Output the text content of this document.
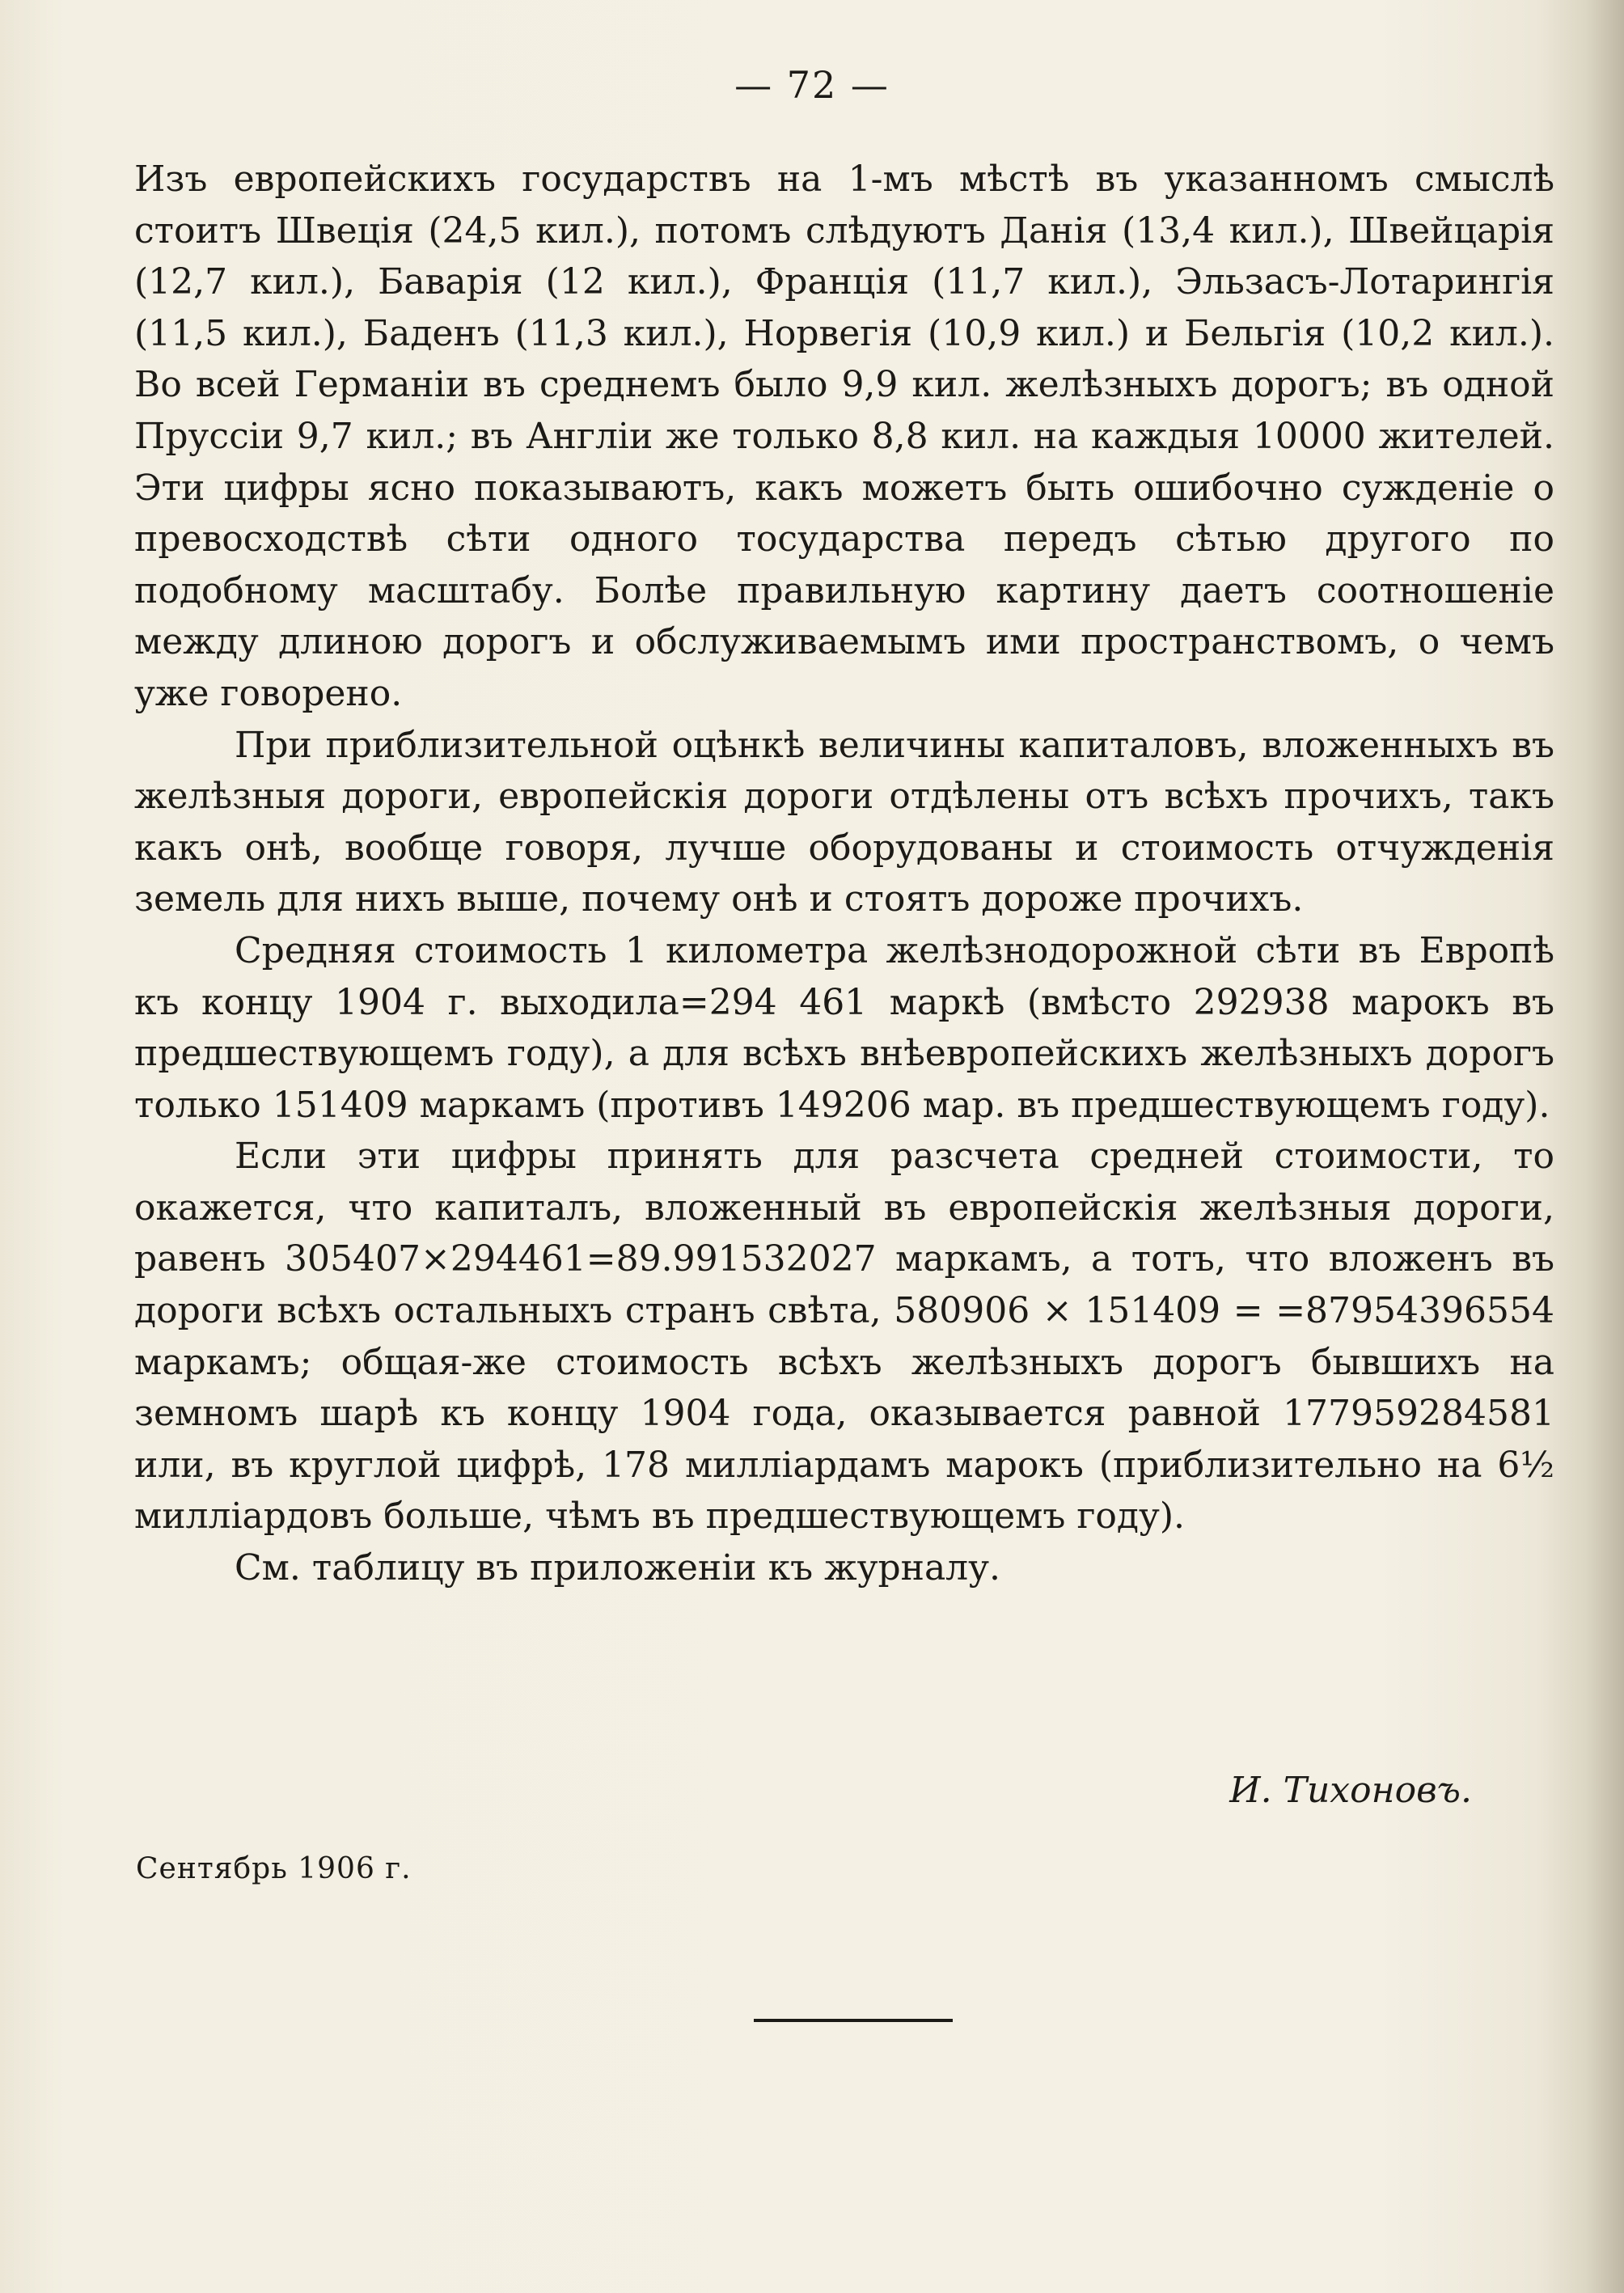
— 72 —

Изъ европейскихъ государствъ на 1-мъ мѣстѣ въ указанномъ смыслѣ стоитъ Швецiя (24,5 кил.), потомъ слѣдуютъ Данiя (13,4 кил.), Швейцарiя (12,7 кил.), Баварiя (12 кил.), Францiя (11,7 кил.), Эльзасъ-Лотарингiя (11,5 кил.), Баденъ (11,3 кил.), Норвегiя (10,9 кил.) и Бельгiя (10,2 кил.). Во всей Германiи въ среднемъ было 9,9 кил. желѣзныхъ дорогъ; въ одной Пруссiи 9,7 кил.; въ Англiи же только 8,8 кил. на каждыя 10000 жителей. Эти цифры ясно показываютъ, какъ можетъ быть ошибочно сужденiе о превосходствѣ сѣти одного тосударства передъ сѣтью другого по подобному масштабу. Болѣе правильную картину даетъ соотношенiе между длиною дорогъ и обслуживаемымъ ими пространствомъ, о чемъ уже говорено.

При приблизительной оцѣнкѣ величины капиталовъ, вложенныхъ въ желѣзныя дороги, европейскiя дороги отдѣлены отъ всѣхъ прочихъ, такъ какъ онѣ, вообще говоря, лучше оборудованы и стоимость отчужденiя земель для нихъ выше, почему онѣ и стоятъ дороже прочихъ.

Средняя стоимость 1 километра желѣзнодорожной сѣти въ Европѣ къ концу 1904 г. выходила=294 461 маркѣ (вмѣсто 292938 марокъ въ предшествующемъ году), а для всѣхъ внѣевропейскихъ желѣзныхъ дорогъ только 151409 маркамъ (противъ 149206 мар. въ предшествующемъ году).

Если эти цифры принять для разсчета средней стоимости, то окажется, что капиталъ, вложенный въ европейскiя желѣзныя дороги, равенъ 305407×294461=89.991532027 маркамъ, а тотъ, что вложенъ въ дороги всѣхъ остальныхъ странъ свѣта, 580906 × 151409 = =87954396554 маркамъ; общая-же стоимость всѣхъ желѣзныхъ дорогъ бывшихъ на земномъ шарѣ къ концу 1904 года, оказывается равной 177959284581 или, въ круглой цифрѣ, 178 миллiардамъ марокъ (приблизительно на 6½ миллiардовъ больше, чѣмъ въ предшествующемъ году).

См. таблицу въ приложенiи къ журналу.

И. Тихоновъ.
Сентябрь 1906 г.
